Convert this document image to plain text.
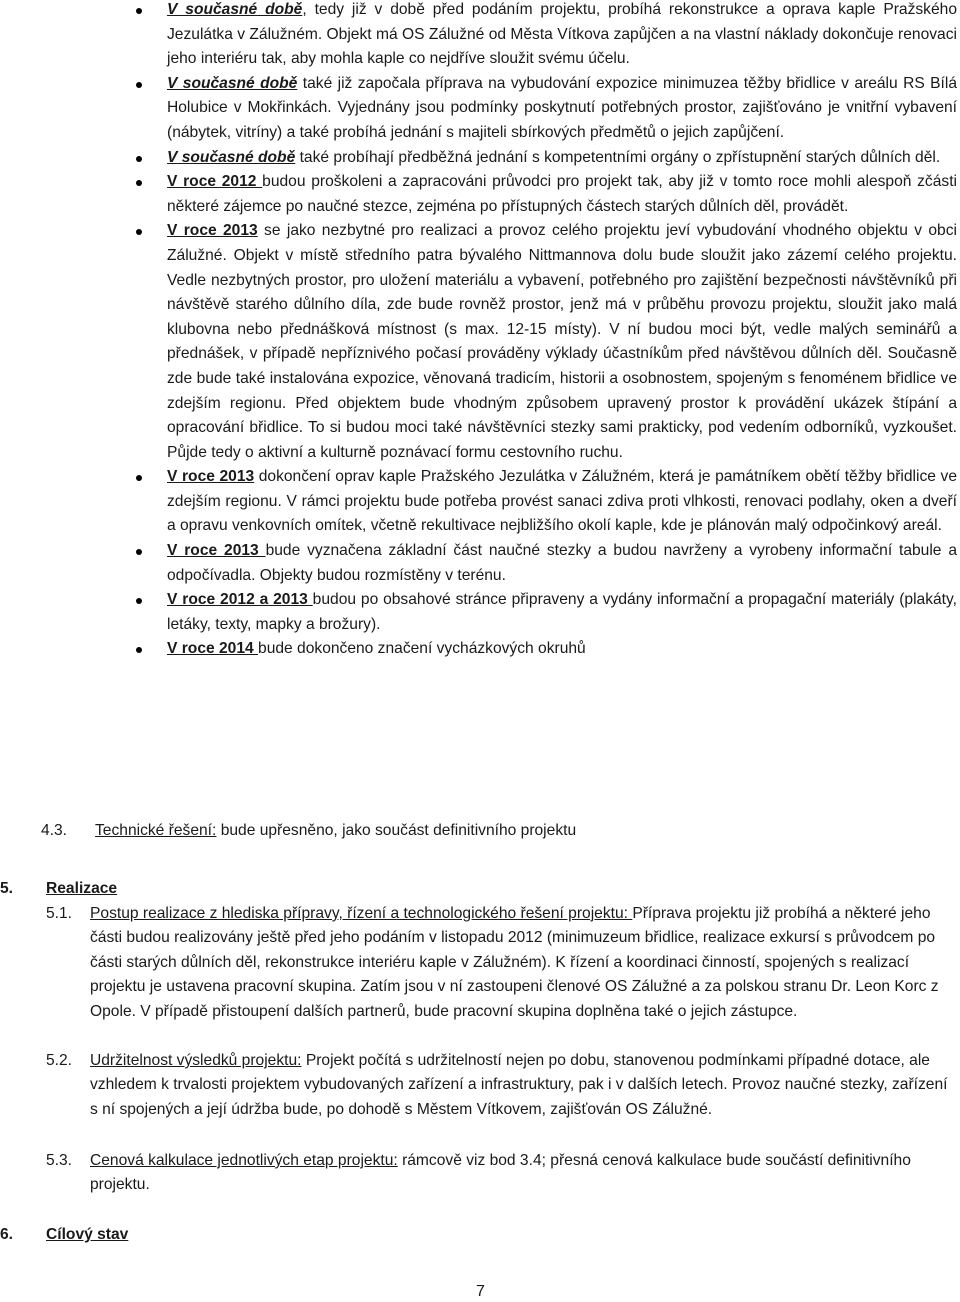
V současné době, tedy již v době před podáním projektu, probíhá rekonstrukce a oprava kaple Pražského Jezulátka v Zálužném. Objekt má OS Zálužné od Města Vítkova zapůjčen a na vlastní náklady dokončuje renovaci jeho interiéru tak, aby mohla kaple co nejdříve sloužit svému účelu.
V současné době také již započala příprava na vybudování expozice minimuzea těžby břidlice v areálu RS Bílá Holubice v Mokřinkách. Vyjednány jsou podmínky poskytnutí potřebných prostor, zajišťováno je vnitřní vybavení (nábytek, vitríny) a také probíhá jednání s majiteli sbírkových předmětů o jejich zapůjčení.
V současné době také probíhají předběžná jednání s kompetentními orgány o zpřístupnění starých důlních děl.
V roce 2012 budou proškoleni a zapracováni průvodci pro projekt tak, aby již v tomto roce mohli alespoň zčásti některé zájemce po naučné stezce, zejména po přístupných částech starých důlních děl, provádět.
V roce 2013 se jako nezbytné pro realizaci a provoz celého projektu jeví vybudování vhodného objektu v obci Zálužné. Objekt v místě středního patra bývalého Nittmannova dolu bude sloužit jako zázemí celého projektu. Vedle nezbytných prostor, pro uložení materiálu a vybavení, potřebného pro zajištění bezpečnosti návštěvníků při návštěvě starého důlního díla, zde bude rovněž prostor, jenž má v průběhu provozu projektu, sloužit jako malá klubovna nebo přednášková místnost (s max. 12-15 místy). V ní budou moci být, vedle malých seminářů a přednášek, v případě nepříznivého počasí prováděny výklady účastníkům před návštěvou důlních děl. Současně zde bude také instalována expozice, věnovaná tradicím, historii a osobnostem, spojeným s fenoménem břidlice ve zdejším regionu. Před objektem bude vhodným způsobem upravený prostor k provádění ukázek štípání a opracování břidlice. To si budou moci také návštěvníci stezky sami prakticky, pod vedením odborníků, vyzkoušet. Půjde tedy o aktivní a kulturně poznávací formu cestovního ruchu.
V roce 2013 dokončení oprav kaple Pražského Jezulátka v Zálužném, která je památníkem obětí těžby břidlice ve zdejším regionu. V rámci projektu bude potřeba provést sanaci zdiva proti vlhkosti, renovaci podlahy, oken a dveří a opravu venkovních omítek, včetně rekultivace nejbližšího okolí kaple, kde je plánován malý odpočinkový areál.
V roce 2013 bude vyznačena základní část naučné stezky a budou navrženy a vyrobeny informační tabule a odpočívadla. Objekty budou rozmístěny v terénu.
V roce 2012 a 2013 budou po obsahové stránce připraveny a vydány informační a propagační materiály (plakáty, letáky, texty, mapky a brožury).
V roce 2014 bude dokončeno značení vycházkových okruhů
4.3. Technické řešení: bude upřesněno, jako součást definitivního projektu
5. Realizace
5.1. Postup realizace z hlediska přípravy, řízení a technologického řešení projektu: Příprava projektu již probíhá a některé jeho části budou realizovány ještě před jeho podáním v listopadu 2012 (minimuzeum břidlice, realizace exkursí s průvodcem po části starých důlních děl, rekonstrukce interiéru kaple v Zálužném). K řízení a koordinaci činností, spojených s realizací projektu je ustavena pracovní skupina. Zatím jsou v ní zastoupeni členové OS Zálužné a za polskou stranu Dr. Leon Korc z Opole. V případě přistoupení dalších partnerů, bude pracovní skupina doplněna také o jejich zástupce.
5.2. Udržitelnost výsledků projektu: Projekt počítá s udržitelností nejen po dobu, stanovenou podmínkami případné dotace, ale vzhledem k trvalosti projektem vybudovaných zařízení a infrastruktury, pak i v dalších letech. Provoz naučné stezky, zařízení s ní spojených a její údržba bude, po dohodě s Městem Vítkovem, zajišťován OS Zálužné.
5.3. Cenová kalkulace jednotlivých etap projektu: rámcově viz bod 3.4; přesná cenová kalkulace bude součástí definitivního projektu.
6. Cílový stav
7
